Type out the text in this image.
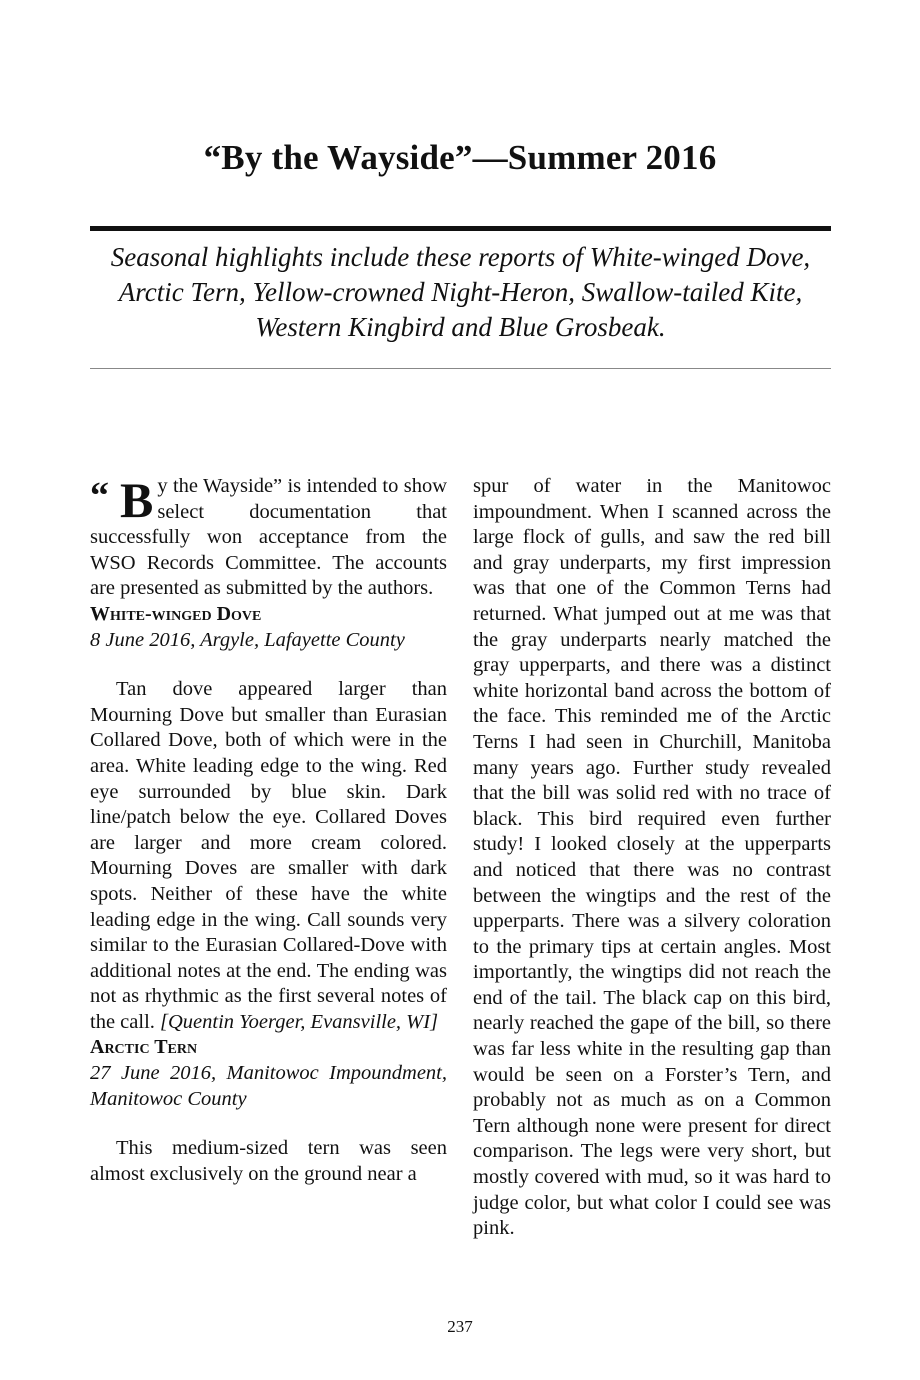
“By the Wayside”—Summer 2016

Seasonal highlights include these reports of White-winged Dove, Arctic Tern, Yellow-crowned Night-Heron, Swallow-tailed Kite, Western Kingbird and Blue Grosbeak.

“ B y the Wayside” is intended to show select documentation that successfully won acceptance from the WSO Records Committee. The accounts are presented as submitted by the authors.

White-winged Dove

8 June 2016, Argyle, Lafayette County

Tan dove appeared larger than Mourning Dove but smaller than Eurasian Collared Dove, both of which were in the area. White leading edge to the wing. Red eye surrounded by blue skin. Dark line/patch below the eye. Collared Doves are larger and more cream colored. Mourning Doves are smaller with dark spots. Neither of these have the white leading edge in the wing. Call sounds very similar to the Eurasian Collared-Dove with additional notes at the end. The ending was not as rhythmic as the first several notes of the call. [Quentin Yoerger, Evansville, WI]

Arctic Tern

27 June 2016, Manitowoc Impoundment, Manitowoc County

This medium-sized tern was seen almost exclusively on the ground near a

spur of water in the Manitowoc impoundment. When I scanned across the large flock of gulls, and saw the red bill and gray underparts, my first impression was that one of the Common Terns had returned. What jumped out at me was that the gray underparts nearly matched the gray upperparts, and there was a distinct white horizontal band across the bottom of the face. This reminded me of the Arctic Terns I had seen in Churchill, Manitoba many years ago. Further study revealed that the bill was solid red with no trace of black. This bird required even further study! I looked closely at the upperparts and noticed that there was no contrast between the wingtips and the rest of the upperparts. There was a silvery coloration to the primary tips at certain angles. Most importantly, the wingtips did not reach the end of the tail. The black cap on this bird, nearly reached the gape of the bill, so there was far less white in the resulting gap than would be seen on a Forster’s Tern, and probably not as much as on a Common Tern although none were present for direct comparison. The legs were very short, but mostly covered with mud, so it was hard to judge color, but what color I could see was pink.

237
